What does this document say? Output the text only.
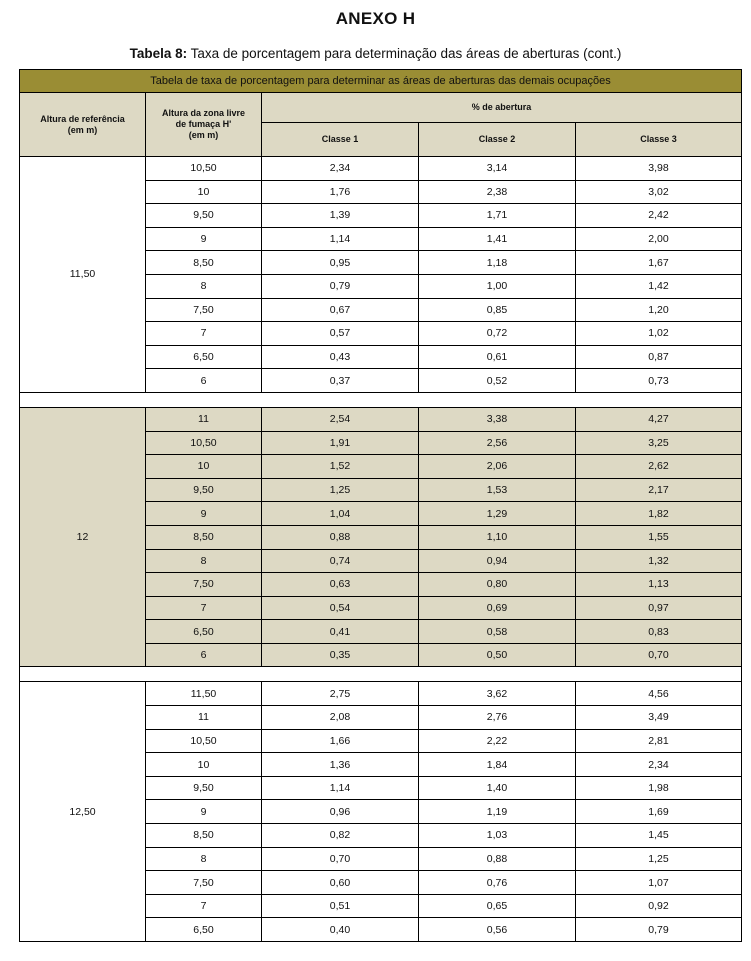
ANEXO H
Tabela 8: Taxa de porcentagem para determinação das áreas de aberturas (cont.)
Tabela de taxa de porcentagem para determinar as áreas de aberturas das demais ocupações				
Altura de referência
(em m)	Altura da zona livre
de fumaça H'
(em m)	% de abertura		
		Classe 1	Classe 2	Classe 3
11,50	10,50	2,34	3,14	3,98
	10	1,76	2,38	3,02
	9,50	1,39	1,71	2,42
	9	1,14	1,41	2,00
	8,50	0,95	1,18	1,67
	8	0,79	1,00	1,42
	7,50	0,67	0,85	1,20
	7	0,57	0,72	1,02
	6,50	0,43	0,61	0,87
	6	0,37	0,52	0,73

12	11	2,54	3,38	4,27
	10,50	1,91	2,56	3,25
	10	1,52	2,06	2,62
	9,50	1,25	1,53	2,17
	9	1,04	1,29	1,82
	8,50	0,88	1,10	1,55
	8	0,74	0,94	1,32
	7,50	0,63	0,80	1,13
	7	0,54	0,69	0,97
	6,50	0,41	0,58	0,83
	6	0,35	0,50	0,70

12,50	11,50	2,75	3,62	4,56
	11	2,08	2,76	3,49
	10,50	1,66	2,22	2,81
	10	1,36	1,84	2,34
	9,50	1,14	1,40	1,98
	9	0,96	1,19	1,69
	8,50	0,82	1,03	1,45
	8	0,70	0,88	1,25
	7,50	0,60	0,76	1,07
	7	0,51	0,65	0,92
	6,50	0,40	0,56	0,79
